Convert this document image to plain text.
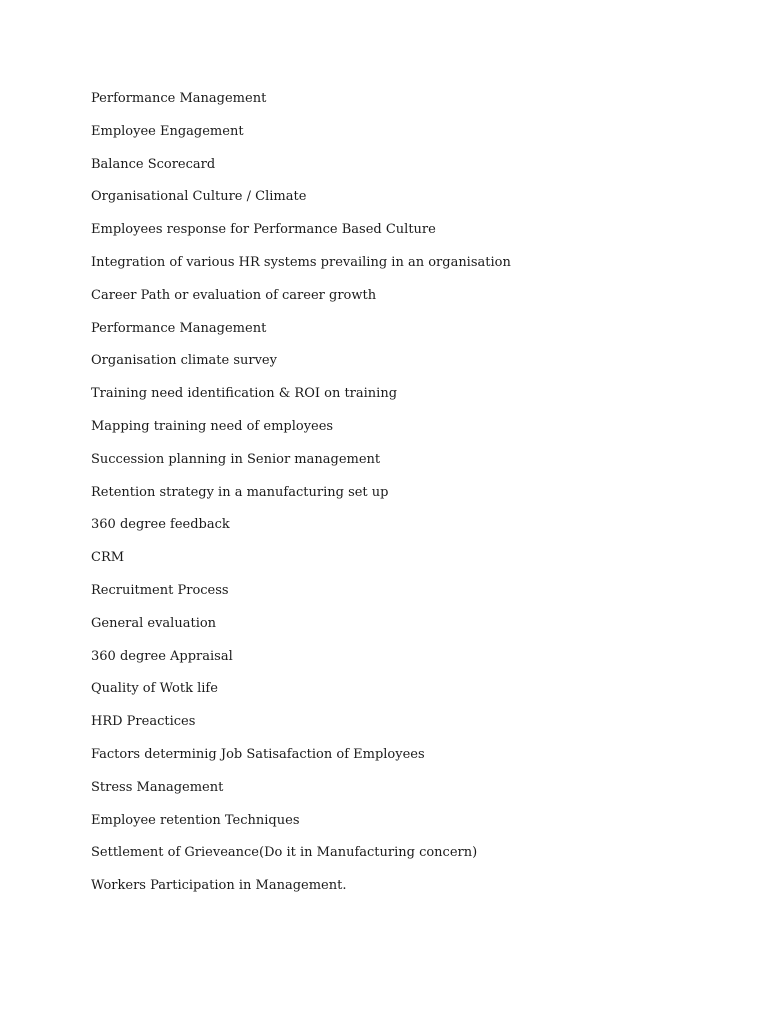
Performance Management
Employee Engagement
Balance Scorecard
Organisational Culture / Climate
Employees response for Performance Based Culture
Integration of various HR systems prevailing in an organisation
Career Path or evaluation of career growth
Performance Management
Organisation climate survey
Training need identification & ROI on training
Mapping training need of employees
Succession planning in Senior management
Retention strategy in a manufacturing set up
360 degree feedback
CRM
Recruitment Process
General evaluation
360 degree Appraisal
Quality of Wotk life
HRD Preactices
Factors determinig Job Satisafaction of Employees
Stress Management
Employee retention Techniques
Settlement of Grieveance(Do it in Manufacturing concern)
Workers Participation in Management.
